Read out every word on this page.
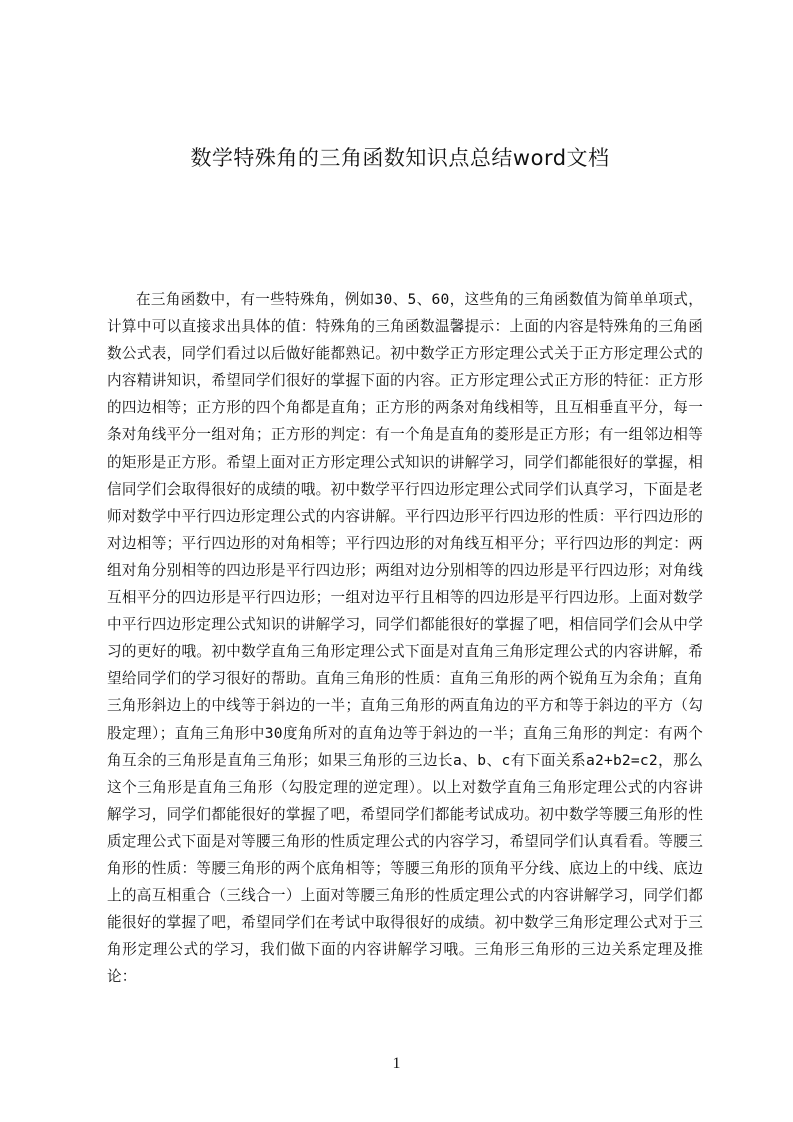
数学特殊角的三角函数知识点总结word文档

在三角函数中，有一些特殊角，例如30、5、60，这些角的三角函数值为简单单项式，计算中可以直接求出具体的值：特殊角的三角函数温馨提示：上面的内容是特殊角的三角函数公式表，同学们看过以后做好能都熟记。初中数学正方形定理公式关于正方形定理公式的内容精讲知识，希望同学们很好的掌握下面的内容。正方形定理公式正方形的特征：正方形的四边相等；正方形的四个角都是直角；正方形的两条对角线相等，且互相垂直平分，每一条对角线平分一组对角；正方形的判定：有一个角是直角的菱形是正方形；有一组邻边相等的矩形是正方形。希望上面对正方形定理公式知识的讲解学习，同学们都能很好的掌握，相信同学们会取得很好的成绩的哦。初中数学平行四边形定理公式同学们认真学习，下面是老师对数学中平行四边形定理公式的内容讲解。平行四边形平行四边形的性质：平行四边形的对边相等；平行四边形的对角相等；平行四边形的对角线互相平分；平行四边形的判定：两组对角分别相等的四边形是平行四边形；两组对边分别相等的四边形是平行四边形；对角线互相平分的四边形是平行四边形；一组对边平行且相等的四边形是平行四边形。上面对数学中平行四边形定理公式知识的讲解学习，同学们都能很好的掌握了吧，相信同学们会从中学习的更好的哦。初中数学直角三角形定理公式下面是对直角三角形定理公式的内容讲解，希望给同学们的学习很好的帮助。直角三角形的性质：直角三角形的两个锐角互为余角；直角三角形斜边上的中线等于斜边的一半；直角三角形的两直角边的平方和等于斜边的平方（勾股定理）；直角三角形中30度角所对的直角边等于斜边的一半；直角三角形的判定：有两个角互余的三角形是直角三角形；如果三角形的三边长a、b、c有下面关系a2+b2=c2，那么这个三角形是直角三角形（勾股定理的逆定理）。以上对数学直角三角形定理公式的内容讲解学习，同学们都能很好的掌握了吧，希望同学们都能考试成功。初中数学等腰三角形的性质定理公式下面是对等腰三角形的性质定理公式的内容学习，希望同学们认真看看。等腰三角形的性质：等腰三角形的两个底角相等；等腰三角形的顶角平分线、底边上的中线、底边上的高互相重合（三线合一）上面对等腰三角形的性质定理公式的内容讲解学习，同学们都能很好的掌握了吧，希望同学们在考试中取得很好的成绩。初中数学三角形定理公式对于三角形定理公式的学习，我们做下面的内容讲解学习哦。三角形三角形的三边关系定理及推论：

1
